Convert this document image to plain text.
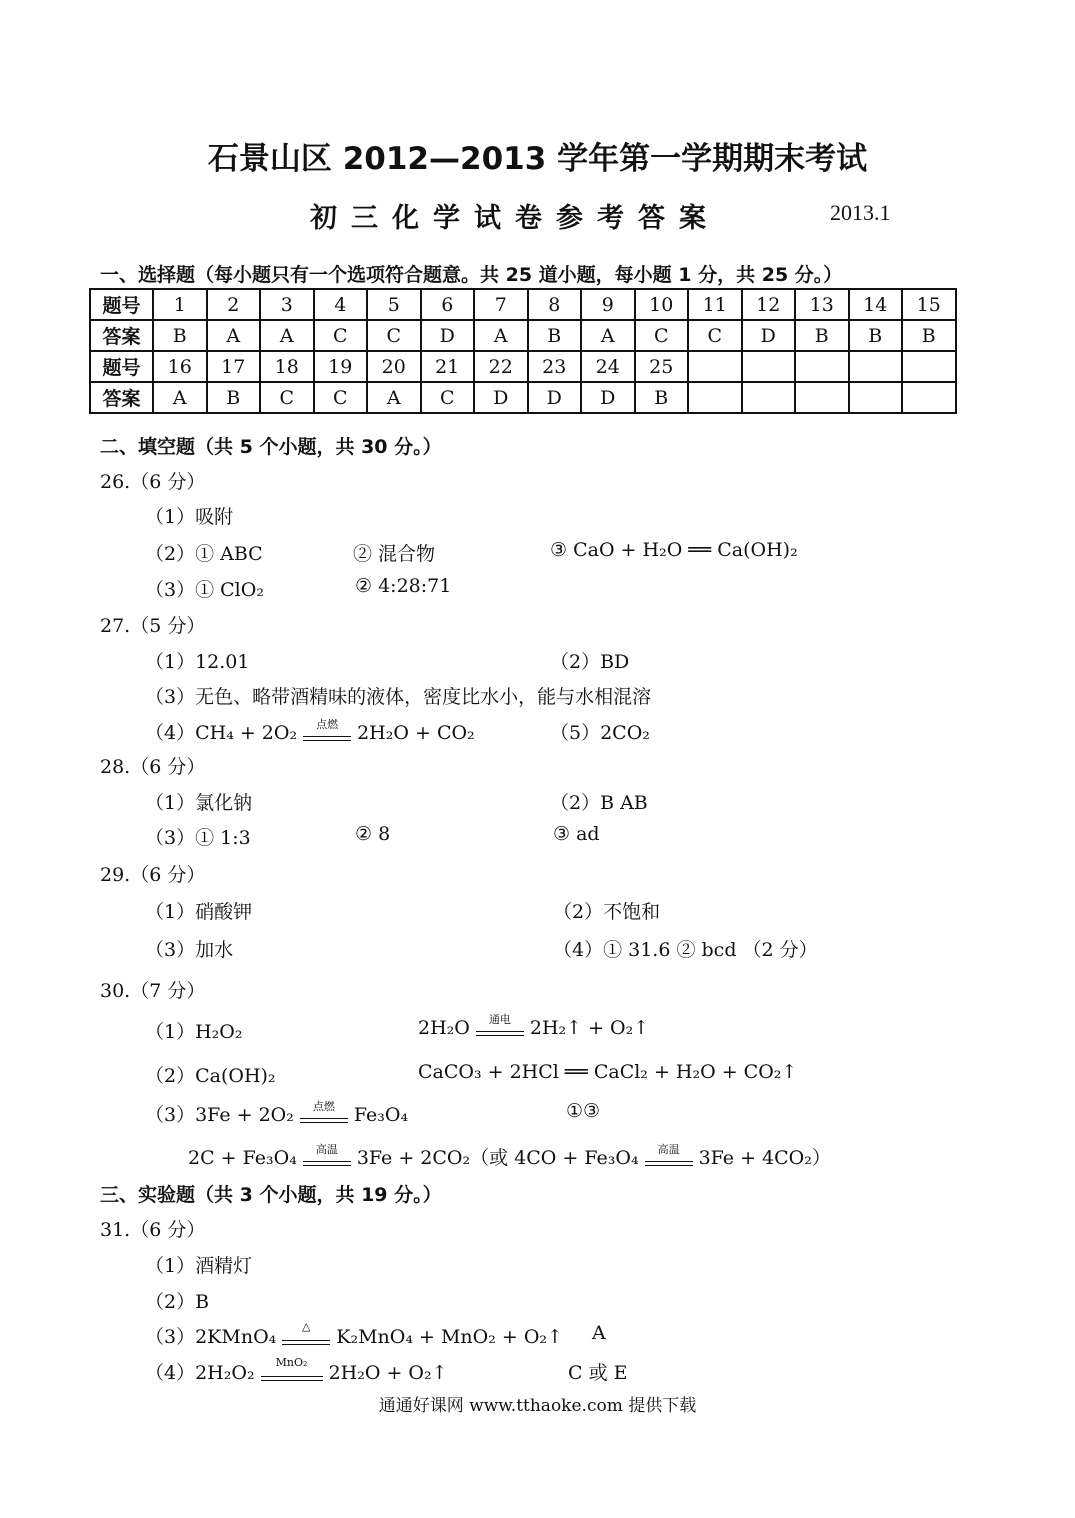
石景山区 2012—2013 学年第一学期期末考试
初三化学试卷参考答案	2013.1
一、选择题（每小题只有一个选项符合题意。共 25 道小题，每小题 1 分，共 25 分。）
题号	1	2	3	4	5	6	7	8	9	10	11	12	13	14	15
答案	B	A	A	C	C	D	A	B	A	C	C	D	B	B	B
题号	16	17	18	19	20	21	22	23	24	25					
答案	A	B	C	C	A	C	D	D	D	B					
二、填空题（共 5 个小题，共 30 分。）
26.（6 分）
（1）吸附
（2）① ABC	② 混合物	③ CaO + H₂O ══ Ca(OH)₂
（3）① ClO₂	② 4:28:71
27.（5 分）
（1）12.01	（2）BD
（3）无色、略带酒精味的液体，密度比水小，能与水相混溶
（4）CH₄ + 2O₂	点燃	2H₂O + CO₂	（5）2CO₂
28.（6 分）
（1）氯化钠	（2）B AB
（3）① 1:3	② 8	③ ad
29.（6 分）
（1）硝酸钾	（2）不饱和
（3）加水	（4）① 31.6 ② bcd （2 分）
30.（7 分）
（1）H₂O₂	2H₂O	通电	2H₂↑ + O₂↑
（2）Ca(OH)₂	CaCO₃ + 2HCl ══ CaCl₂ + H₂O + CO₂↑
（3）3Fe + 2O₂	点燃	Fe₃O₄	①③
2C + Fe₃O₄	高温	3Fe + 2CO₂（或 4CO + Fe₃O₄	高温	3Fe + 4CO₂）
三、实验题（共 3 个小题，共 19 分。）
31.（6 分）
（1）酒精灯
（2）B
（3）2KMnO₄	△	K₂MnO₄ + MnO₂ + O₂↑ A
（4）2H₂O₂	MnO₂	2H₂O + O₂↑	C 或 E
通通好课网 www.tthaoke.com 提供下载
